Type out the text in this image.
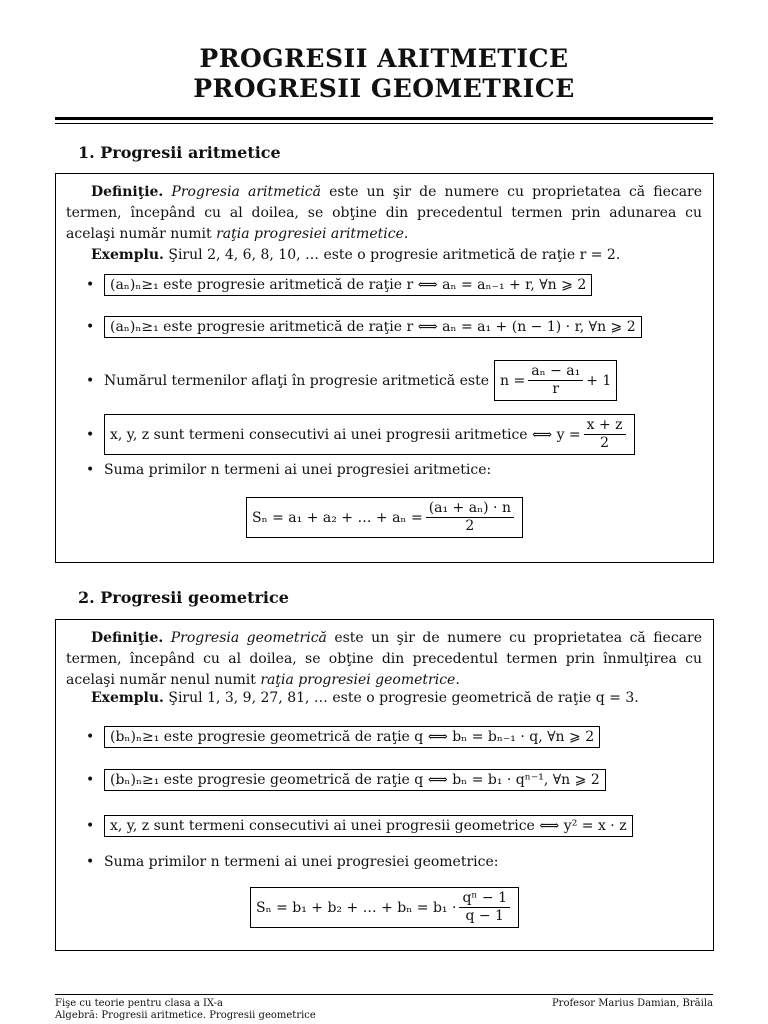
PROGRESII ARITMETICE
PROGRESII GEOMETRICE
1. Progresii aritmetice
Definiţie. Progresia aritmetică este un şir de numere cu proprietatea că fiecare termen, începând cu al doilea, se obţine din precedentul termen prin adunarea cu acelaşi număr numit raţia progresiei aritmetice.
Exemplu. Şirul 2, 4, 6, 8, 10, … este o progresie aritmetică de raţie r = 2.
•	(aₙ)ₙ≥₁ este progresie aritmetică de raţie r ⟺ aₙ = aₙ₋₁ + r, ∀n ⩾ 2
•	(aₙ)ₙ≥₁ este progresie aritmetică de raţie r ⟺ aₙ = a₁ + (n − 1) · r, ∀n ⩾ 2
• Numărul termenilor aflaţi în progresie aritmetică este $n = \frac{\text{aₙ − a₁}}{r} + 1$
•	x, y, z sunt termeni consecutivi ai unei progresii aritmetice ⟺ $y = \frac{x + z}{2}$
• Suma primilor n termeni ai unei progresiei aritmetice:
Sₙ = a₁ + a₂ + … + $a_n = \frac{\text{(a₁ + aₙ) · n}}{2}$
2. Progresii geometrice
Definiţie. Progresia geometrică este un şir de numere cu proprietatea că fiecare termen, începând cu al doilea, se obţine din precedentul termen prin înmulţirea cu acelaşi număr nenul numit raţia progresiei geometrice.
Exemplu. Şirul 1, 3, 9, 27, 81, … este o progresie geometrică de raţie q = 3.
•	(bₙ)ₙ≥₁ este progresie geometrică de raţie q ⟺ bₙ = bₙ₋₁ · q, ∀n ⩾ 2
•	(bₙ)ₙ≥₁ este progresie geometrică de raţie q ⟺ bₙ = b₁ · qⁿ⁻¹, ∀n ⩾ 2
•	x, y, z sunt termeni consecutivi ai unei progresii geometrice ⟺ y² = x · z
• Suma primilor n termeni ai unei progresiei geometrice:
Sₙ = b₁ + b₂ + … + $b_n = b_1 \cdot \frac{\text{qⁿ − 1}}{q - 1}$
Fişe cu teorie pentru clasa a IX-a
Algebră: Progresii aritmetice. Progresii geometrice
Profesor Marius Damian, Brăila
